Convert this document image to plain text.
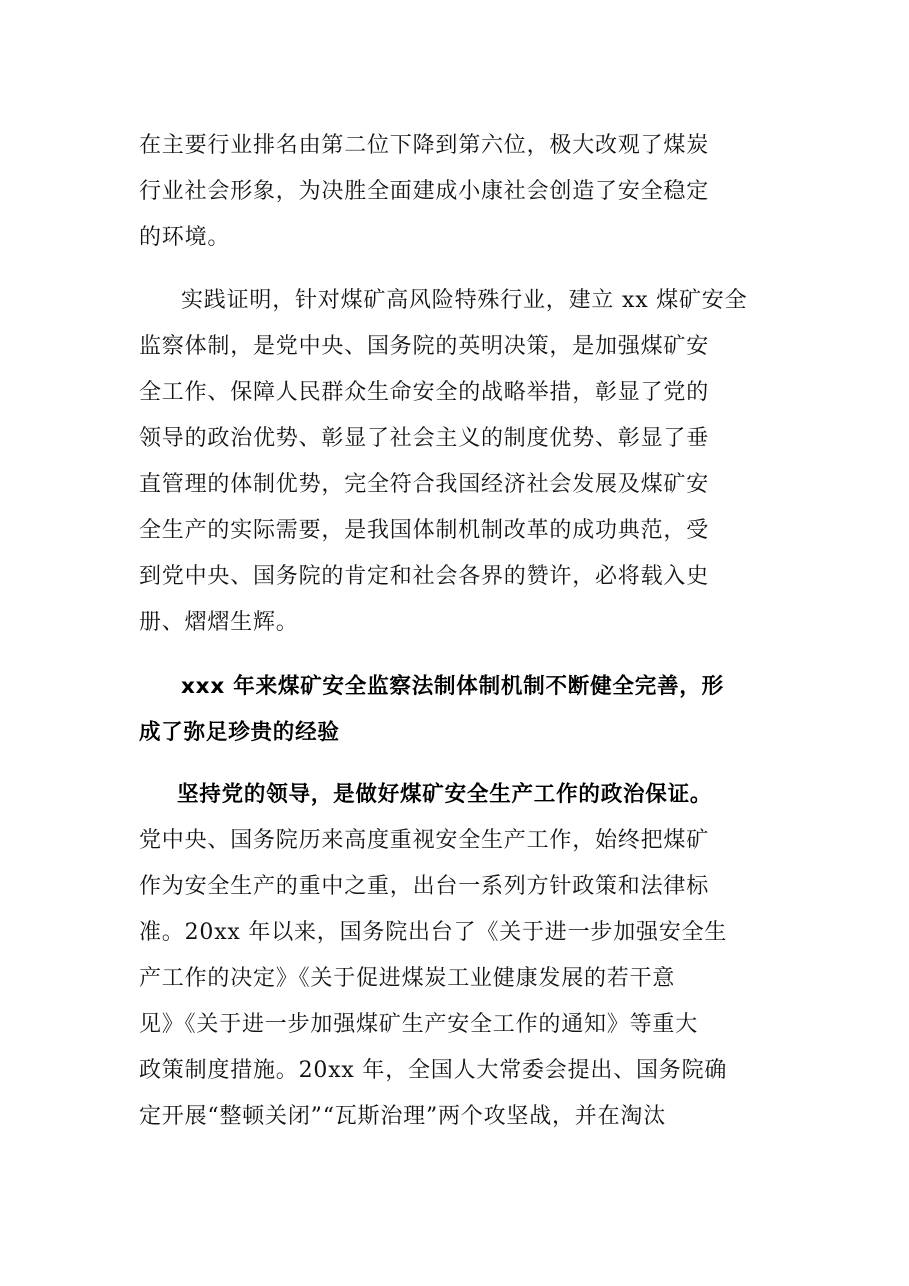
在主要行业排名由第二位下降到第六位，极大改观了煤炭
行业社会形象，为决胜全面建成小康社会创造了安全稳定
的环境。
实践证明，针对煤矿高风险特殊行业，建立 xx 煤矿安全
监察体制，是党中央、国务院的英明决策，是加强煤矿安
全工作、保障人民群众生命安全的战略举措，彰显了党的
领导的政治优势、彰显了社会主义的制度优势、彰显了垂
直管理的体制优势，完全符合我国经济社会发展及煤矿安
全生产的实际需要，是我国体制机制改革的成功典范，受
到党中央、国务院的肯定和社会各界的赞许，必将载入史
册、熠熠生辉。
xxx 年来煤矿安全监察法制体制机制不断健全完善，形
成了弥足珍贵的经验
坚持党的领导，是做好煤矿安全生产工作的政治保证。
党中央、国务院历来高度重视安全生产工作，始终把煤矿
作为安全生产的重中之重，出台一系列方针政策和法律标
准。20xx 年以来，国务院出台了《关于进一步加强安全生
产工作的决定》《关于促进煤炭工业健康发展的若干意
见》《关于进一步加强煤矿生产安全工作的通知》等重大
政策制度措施。20xx 年，全国人大常委会提出、国务院确
定开展“整顿关闭”“瓦斯治理”两个攻坚战，并在淘汰
